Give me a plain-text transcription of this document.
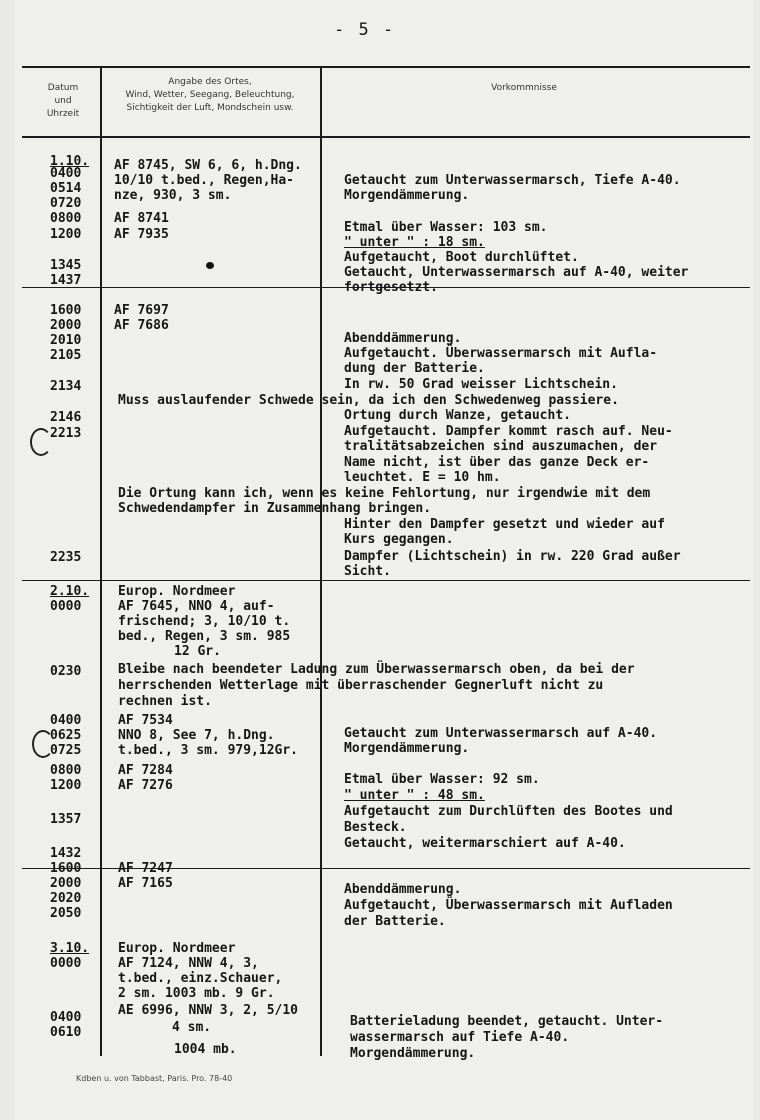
- 5 -
Datum
und
Uhrzeit
Angabe des Ortes,
Wind, Wetter, Seegang, Beleuchtung,
Sichtigkeit der Luft, Mondschein usw.
Vorkommnisse
1.10.
0400
0514
0720
0800
1200
1345
1437
1600
2000
2010
2105
2134
2146
2213
2235
2.10.
0000
0230
0400
0625
0725
0800
1200
1357
1432
1600
2000
2020
2050
3.10.
0000
0400
0610
AF 8745, SW 6, 6, h.Dng.
10/10 t.bed., Regen,Ha-
nze, 930, 3 sm.
AF 8741
AF 7935
AF 7697
AF 7686
Europ. Nordmeer
AF 7645, NNO 4, auf-
frischend; 3, 10/10 t.
bed., Regen, 3 sm. 985
12 Gr.
AF 7534
NNO 8, See 7, h.Dng.
t.bed., 3 sm. 979,12Gr.
AF 7284
AF 7276
AF 7247
AF 7165
Europ. Nordmeer
AF 7124, NNW 4, 3,
t.bed., einz.Schauer,
2 sm. 1003 mb. 9 Gr.
AE 6996, NNW 3, 2, 5/10
4 sm.
1004 mb.
Getaucht zum Unterwassermarsch, Tiefe A-40.
Morgendämmerung.
Etmal über Wasser: 103 sm.
" unter " : 18 sm.
Aufgetaucht, Boot durchlüftet.
Getaucht, Unterwassermarsch auf A-40, weiter
fortgesetzt.
Abenddämmerung.
Aufgetaucht. Überwassermarsch mit Aufla-
dung der Batterie.
In rw. 50 Grad weisser Lichtschein.
Muss auslaufender Schwede sein, da ich den Schwedenweg passiere.
Ortung durch Wanze, getaucht.
Aufgetaucht. Dampfer kommt rasch auf. Neu-
tralitätsabzeichen sind auszumachen, der
Name nicht, ist über das ganze Deck er-
leuchtet. E = 10 hm.
Die Ortung kann ich, wenn es keine Fehlortung, nur irgendwie mit dem
Schwedendampfer in Zusammenhang bringen.
Hinter den Dampfer gesetzt und wieder auf
Kurs gegangen.
Dampfer (Lichtschein) in rw. 220 Grad außer
Sicht.
Bleibe nach beendeter Ladung zum Überwassermarsch oben, da bei der
herrschenden Wetterlage mit überraschender Gegnerluft nicht zu
rechnen ist.
Getaucht zum Unterwassermarsch auf A-40.
Morgendämmerung.
Etmal über Wasser: 92 sm.
" unter " : 48 sm.
Aufgetaucht zum Durchlüften des Bootes und
Besteck.
Getaucht, weitermarschiert auf A-40.
Abenddämmerung.
Aufgetaucht, Überwassermarsch mit Aufladen
der Batterie.
Batterieladung beendet, getaucht. Unter-
wassermarsch auf Tiefe A-40.
Morgendämmerung.
Kdben u. von Tabbast, Paris. Pro. 78-40
